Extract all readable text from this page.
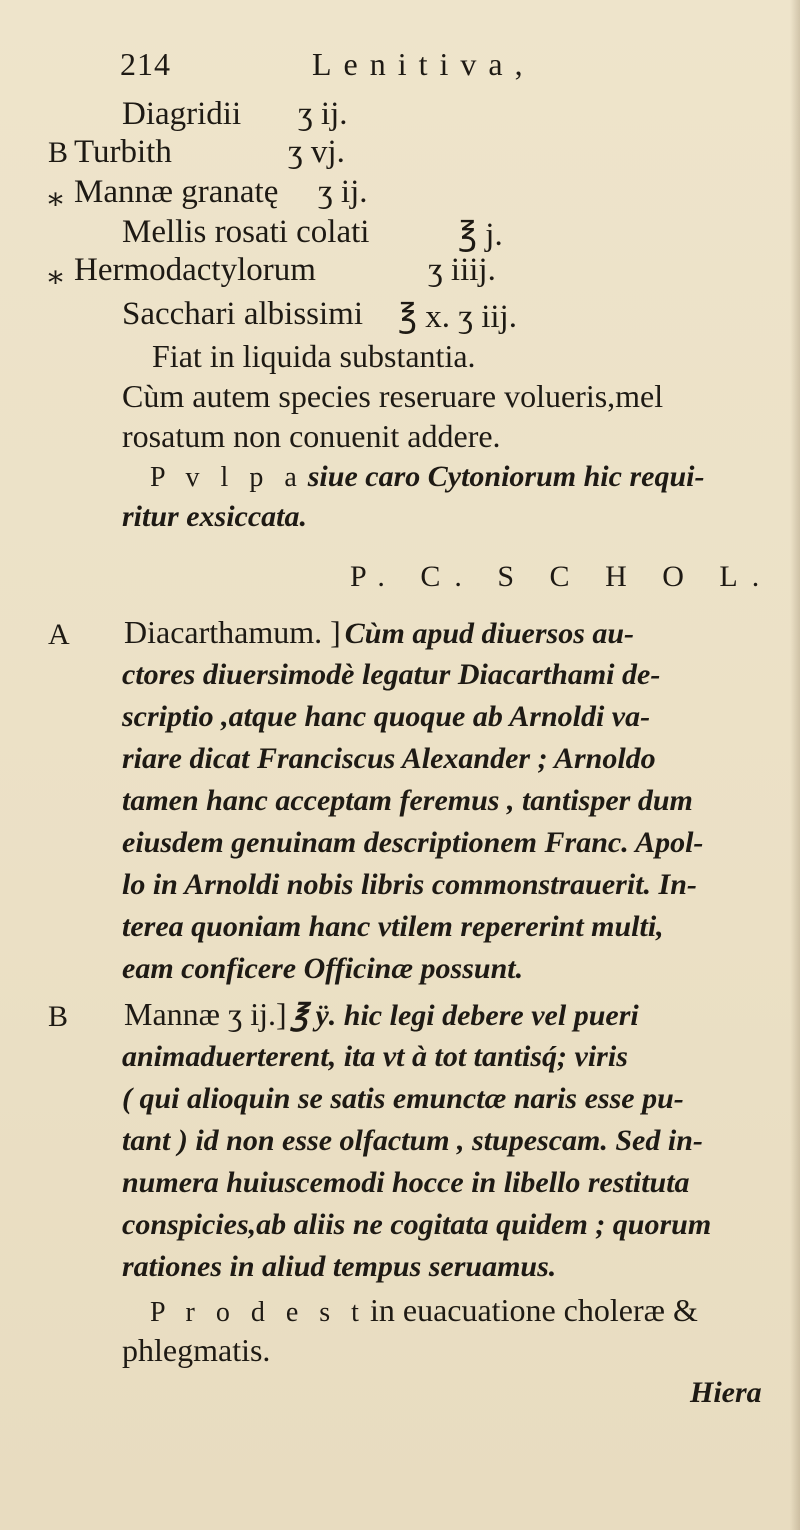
214	Lenitiva,
Diagridii ʒ ij.
B Turbith	ʒ vj.
⁎ Mannæ granatę ʒ ij.
Mellis rosati colati	℥ j.
⁎ Hermodactylorum	ʒ iiij.
Sacchari albissimi ℥ x. ʒ iij.
Fiat in liquida substantia.
Cùm autem species reseruare volueris,mel
rosatum non conuenit addere.
P v l p a siue caro Cytoniorum hic requi-
ritur exsiccata.
P. C. S C H O L.
A Diacarthamum. ] Cùm apud diuersos au-
ctores diuersimodè legatur Diacarthami de-
scriptio ,atque hanc quoque ab Arnoldi va-
riare dicat Franciscus Alexander ; Arnoldo
tamen hanc acceptam feremus , tantisper dum
eiusdem genuinam descriptionem Franc. Apol-
lo in Arnoldi nobis libris commonstrauerit. In-
terea quoniam hanc vtilem repererint multi,
eam conficere Officinæ possunt.
B Mannæ ʒ ij.] ℥ ÿ. hic legi debere vel pueri
animaduerterent, ita vt à tot tantisq́; viris
( qui alioquin se satis emunctæ naris esse pu-
tant ) id non esse olfactum , stupescam. Sed in-
numera huiuscemodi hocce in libello restituta
conspicies,ab aliis ne cogitata quidem ; quorum
rationes in aliud tempus seruamus.
P r o d e s t in euacuatione choleræ &
phlegmatis.
Hiera
